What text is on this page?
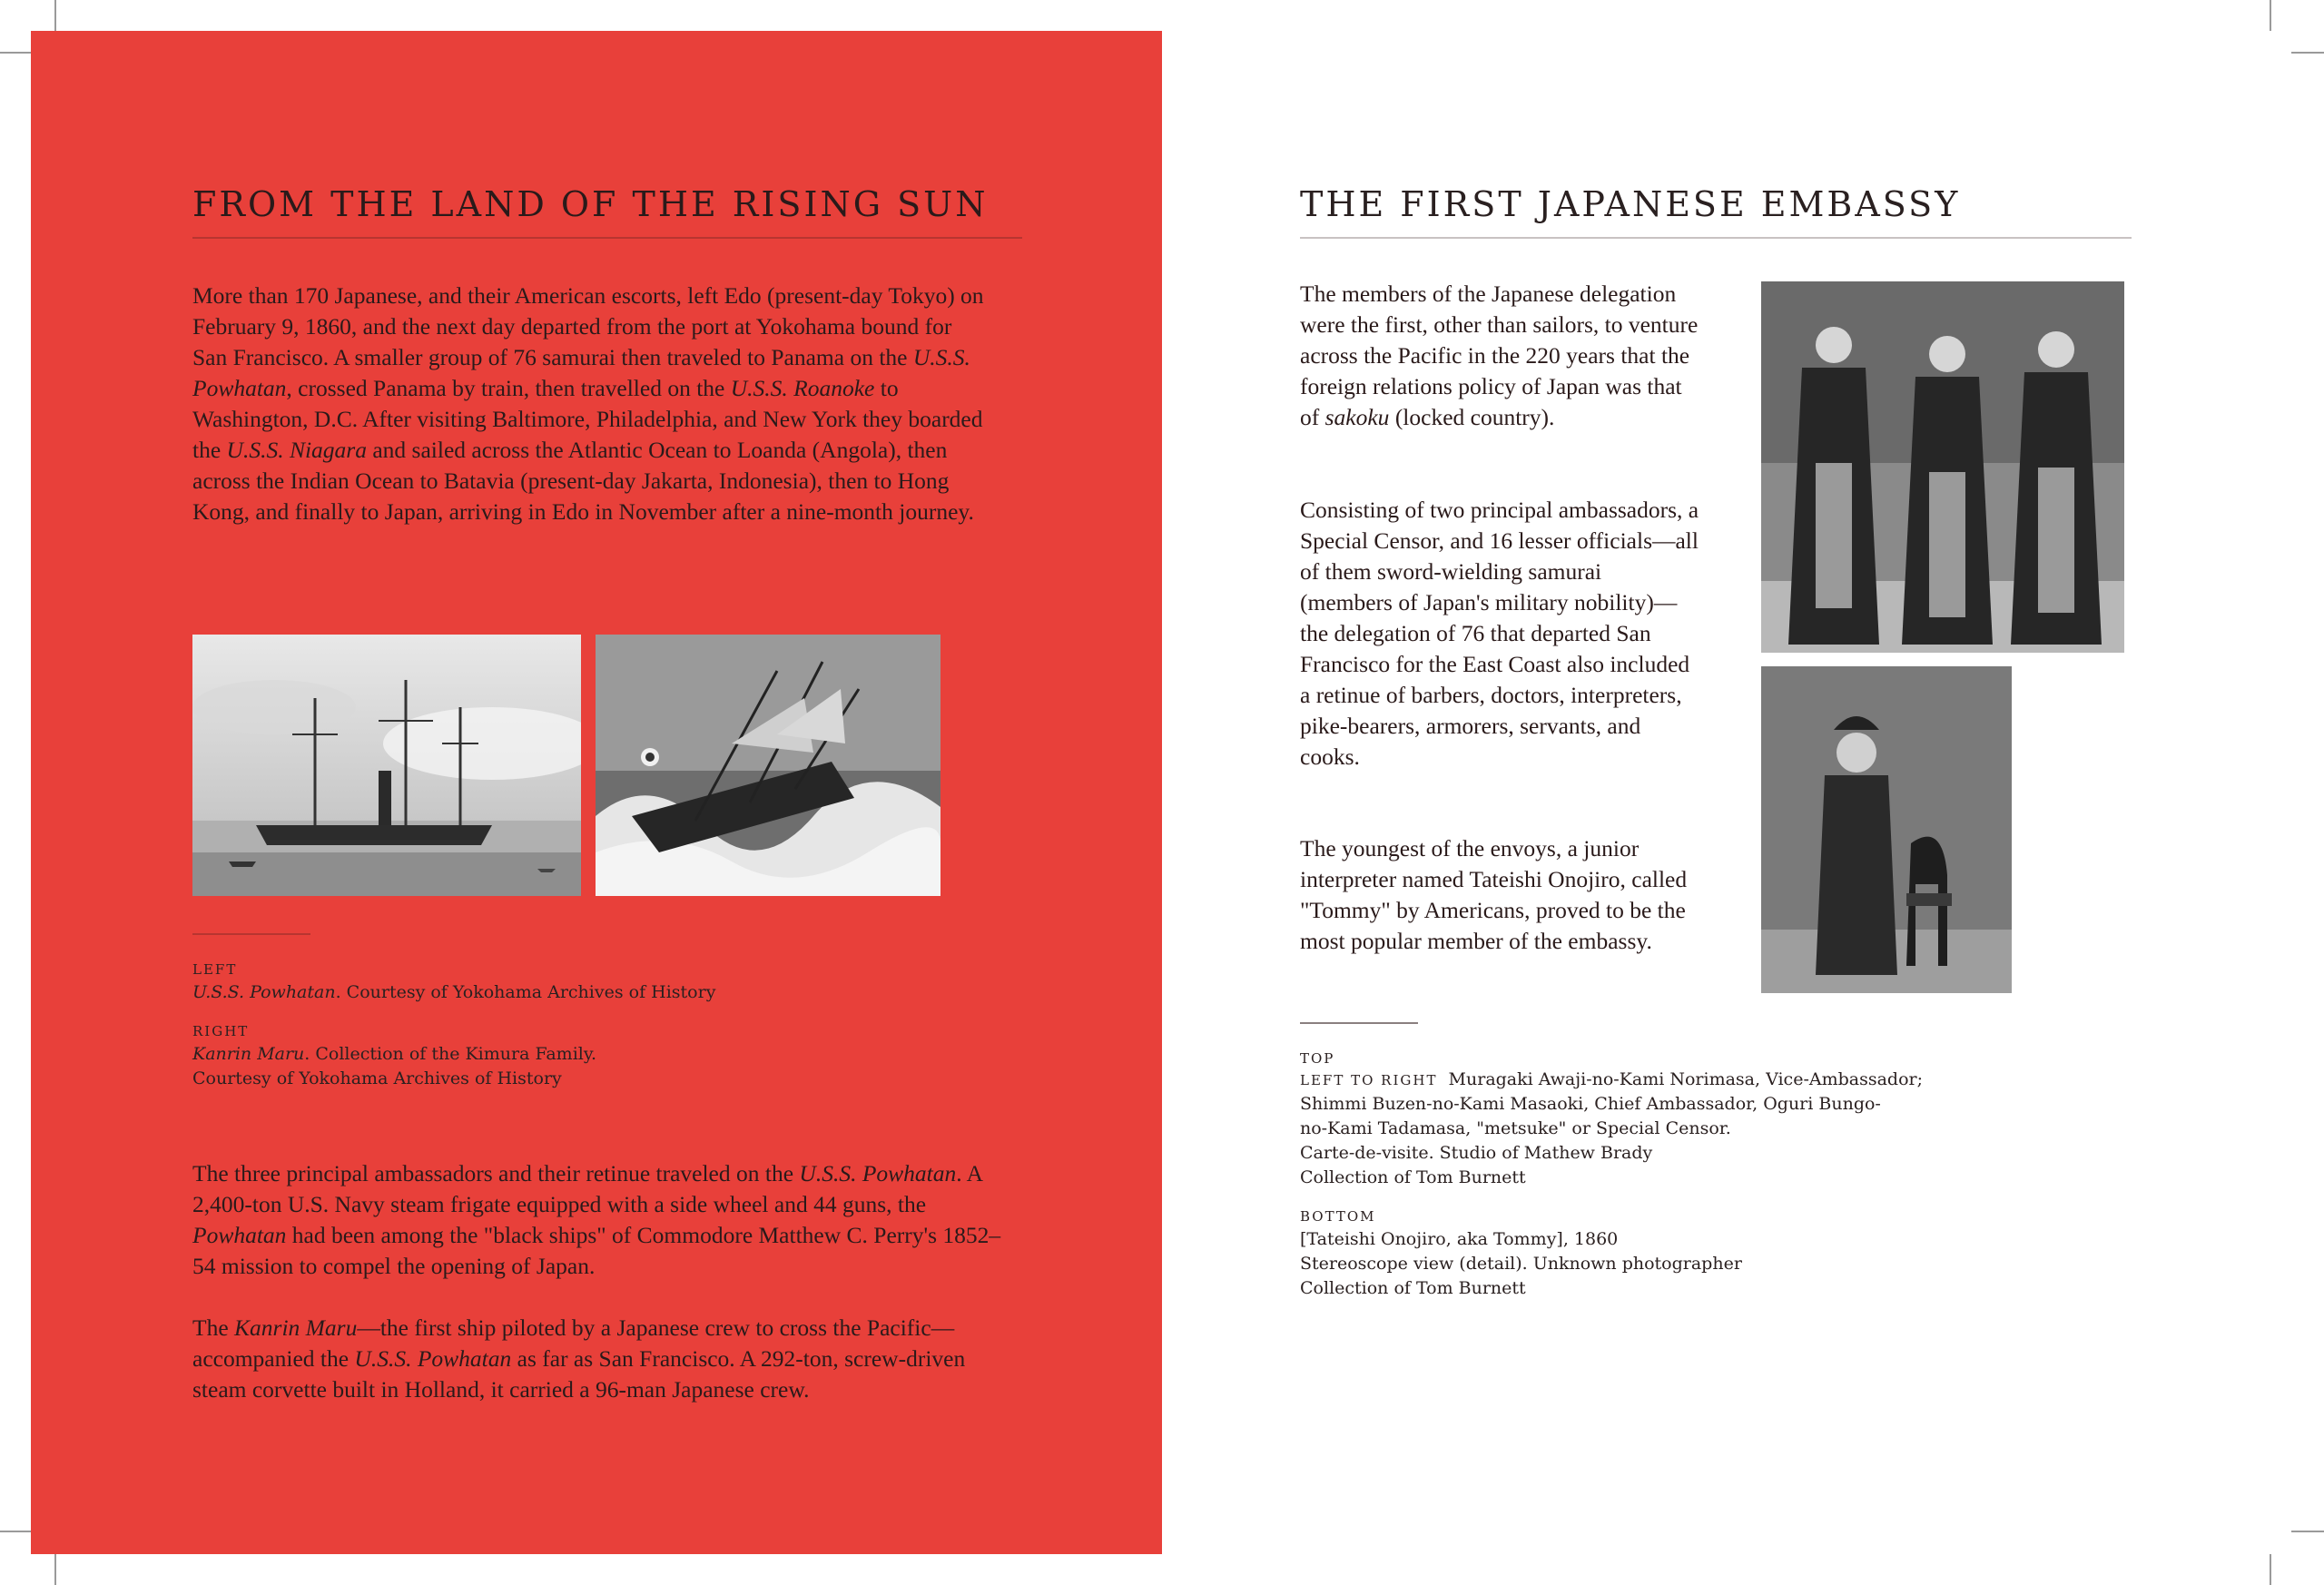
FROM THE LAND OF THE RISING SUN

More than 170 Japanese, and their American escorts, left Edo (present-day Tokyo) on February 9, 1860, and the next day departed from the port at Yokohama bound for San Francisco. A smaller group of 76 samurai then traveled to Panama on the U.S.S. Powhatan, crossed Panama by train, then travelled on the U.S.S. Roanoke to Washington, D.C. After visiting Baltimore, Philadelphia, and New York they boarded the U.S.S. Niagara and sailed across the Atlantic Ocean to Loanda (Angola), then across the Indian Ocean to Batavia (present-day Jakarta, Indonesia), then to Hong Kong, and finally to Japan, arriving in Edo in November after a nine-month journey.

LEFT

U.S.S. Powhatan. Courtesy of Yokohama Archives of History

RIGHT

Kanrin Maru. Collection of the Kimura Family.
Courtesy of Yokohama Archives of History

The three principal ambassadors and their retinue traveled on the U.S.S. Powhatan. A 2,400-ton U.S. Navy steam frigate equipped with a side wheel and 44 guns, the Powhatan had been among the "black ships" of Commodore Matthew C. Perry's 1852–54 mission to compel the opening of Japan.

The Kanrin Maru—the first ship piloted by a Japanese crew to cross the Pacific—accompanied the U.S.S. Powhatan as far as San Francisco. A 292-ton, screw-driven steam corvette built in Holland, it carried a 96-man Japanese crew.

THE FIRST JAPANESE EMBASSY

The members of the Japanese delegation were the first, other than sailors, to venture across the Pacific in the 220 years that the foreign relations policy of Japan was that of sakoku (locked country).

Consisting of two principal ambassadors, a Special Censor, and 16 lesser officials—all of them sword-wielding samurai (members of Japan's military nobility)—the delegation of 76 that departed San Francisco for the East Coast also included a retinue of barbers, doctors, interpreters, pike-bearers, armorers, servants, and cooks.

The youngest of the envoys, a junior interpreter named Tateishi Onojiro, called "Tommy" by Americans, proved to be the most popular member of the embassy.

TOP

LEFT TO RIGHT Muragaki Awaji-no-Kami Norimasa, Vice-Ambassador;
Shimmi Buzen-no-Kami Masaoki, Chief Ambassador, Oguri Bungo-
no-Kami Tadamasa, "metsuke" or Special Censor.
Carte-de-visite. Studio of Mathew Brady
Collection of Tom Burnett

BOTTOM

[Tateishi Onojiro, aka Tommy], 1860
Stereoscope view (detail). Unknown photographer
Collection of Tom Burnett
